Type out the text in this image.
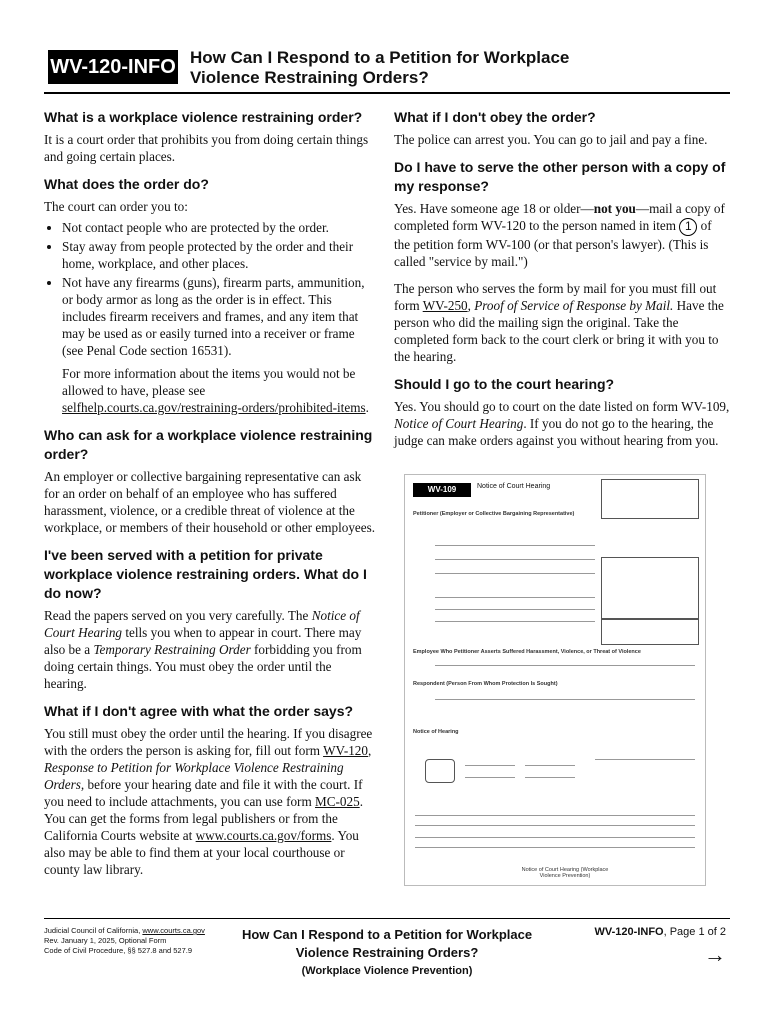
WV-120-INFO How Can I Respond to a Petition for Workplace Violence Restraining Orders?
What is a workplace violence restraining order?

It is a court order that prohibits you from doing certain things and going certain places.

What does the order do?

The court can order you to:

• Not contact people who are protected by the order.
• Stay away from people protected by the order and their home, workplace, and other places.
• Not have any firearms (guns), firearm parts, ammunition, or body armor as long as the order is in effect. This includes firearm receivers and frames, and any item that may be used as or easily turned into a receiver or frame (see Penal Code section 16531).

For more information about the items you would not be allowed to have, please see selfhelp.courts.ca.gov/restraining-orders/prohibited-items.

Who can ask for a workplace violence restraining order?

An employer or collective bargaining representative can ask for an order on behalf of an employee who has suffered harassment, violence, or a credible threat of violence at the workplace, or members of their household or other employees.

I've been served with a petition for private workplace violence restraining orders. What do I do now?

Read the papers served on you very carefully. The Notice of Court Hearing tells you when to appear in court. There may also be a Temporary Restraining Order forbidding you from doing certain things. You must obey the order until the hearing.

What if I don't agree with what the order says?

You still must obey the order until the hearing. If you disagree with the orders the person is asking for, fill out form WV-120, Response to Petition for Workplace Violence Restraining Orders, before your hearing date and file it with the court. If you need to include attachments, you can use form MC-025. You can get the forms from legal publishers or from the California Courts website at www.courts.ca.gov/forms. You also may be able to find them at your local courthouse or county law library.

What if I don't obey the order?

The police can arrest you. You can go to jail and pay a fine.

Do I have to serve the other person with a copy of my response?

Yes. Have someone age 18 or older—not you—mail a copy of completed form WV-120 to the person named in item 1 of the petition form WV-100 (or that person's lawyer). (This is called "service by mail.")

The person who serves the form by mail for you must fill out form WV-250, Proof of Service of Response by Mail. Have the person who did the mailing sign the original. Take the completed form back to the court clerk or bring it with you to the hearing.

Should I go to the court hearing?

Yes. You should go to court on the date listed on form WV-109, Notice of Court Hearing. If you do not go to the hearing, the judge can make orders against you without hearing from you.

WV-109	Notice of Court Hearing
Petitioner (Employer or Collective Bargaining Representative)
Employee Who Petitioner Asserts Suffered Harassment, Violence, or Threat of Violence
Respondent (Person From Whom Protection Is Sought)
Notice of Hearing
Notice of Court Hearing (Workplace Violence Prevention)
Judicial Council of California, www.courts.ca.gov
Rev. January 1, 2025, Optional Form
Code of Civil Procedure, §§ 527.8 and 527.9
How Can I Respond to a Petition for Workplace Violence Restraining Orders?
(Workplace Violence Prevention)
WV-120-INFO, Page 1 of 2
→
